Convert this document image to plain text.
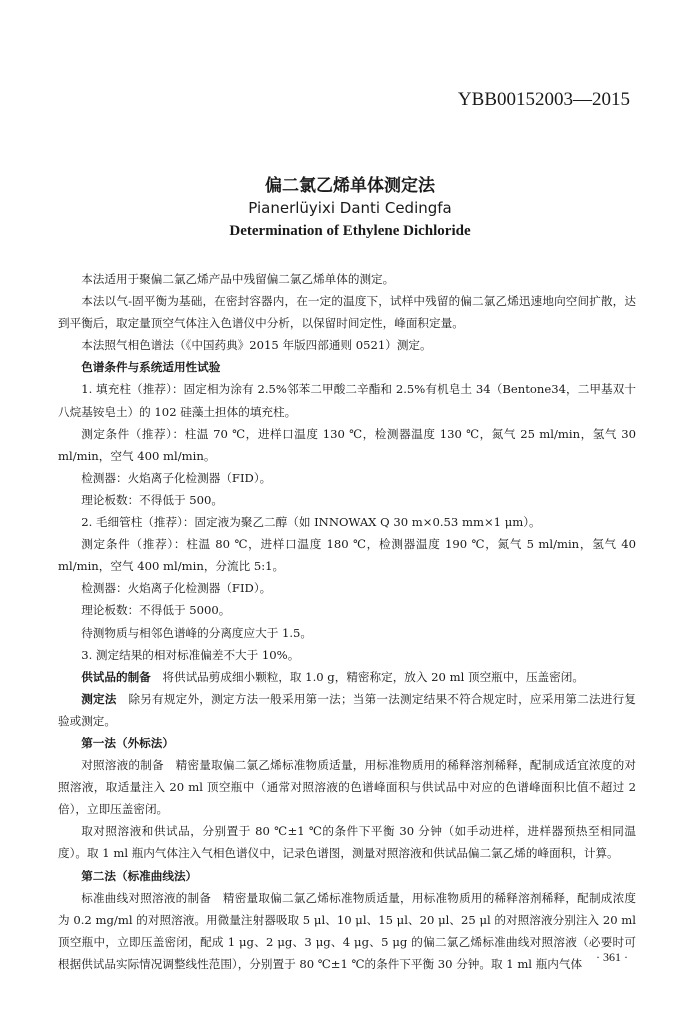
YBB00152003—2015
偏二氯乙烯单体测定法
Pianerlüyixi Danti Cedingfa
Determination of Ethylene Dichloride

本法适用于聚偏二氯乙烯产品中残留偏二氯乙烯单体的测定。

本法以气-固平衡为基础，在密封容器内，在一定的温度下，试样中残留的偏二氯乙烯迅速地向空间扩散，达到平衡后，取定量顶空气体注入色谱仪中分析，以保留时间定性，峰面积定量。

本法照气相色谱法（《中国药典》2015 年版四部通则 0521）测定。

色谱条件与系统适用性试验

1. 填充柱（推荐）：固定相为涂有 2.5%邻苯二甲酸二辛酯和 2.5%有机皂土 34（Bentone34，二甲基双十八烷基铵皂土）的 102 硅藻土担体的填充柱。

测定条件（推荐）：柱温 70 ℃，进样口温度 130 ℃，检测器温度 130 ℃，氮气 25 ml/min，氢气 30 ml/min，空气 400 ml/min。

检测器：火焰离子化检测器（FID）。

理论板数：不得低于 500。

2. 毛细管柱（推荐）：固定液为聚乙二醇（如 INNOWAX Q 30 m×0.53 mm×1 μm）。

测定条件（推荐）：柱温 80 ℃，进样口温度 180 ℃，检测器温度 190 ℃，氮气 5 ml/min，氢气 40 ml/min，空气 400 ml/min，分流比 5:1。

检测器：火焰离子化检测器（FID）。

理论板数：不得低于 5000。

待测物质与相邻色谱峰的分离度应大于 1.5。

3. 测定结果的相对标准偏差不大于 10%。

供试品的制备　 将供试品剪成细小颗粒，取 1.0 g，精密称定，放入 20 ml 顶空瓶中，压盖密闭。

测定法　 除另有规定外，测定方法一般采用第一法；当第一法测定结果不符合规定时，应采用第二法进行复验或测定。

第一法（外标法）

对照溶液的制备　精密量取偏二氯乙烯标准物质适量，用标准物质用的稀释溶剂稀释，配制成适宜浓度的对照溶液，取适量注入 20 ml 顶空瓶中（通常对照溶液的色谱峰面积与供试品中对应的色谱峰面积比值不超过 2 倍），立即压盖密闭。

取对照溶液和供试品，分别置于 80 ℃±1 ℃的条件下平衡 30 分钟（如手动进样，进样器预热至相同温度）。取 1 ml 瓶内气体注入气相色谱仪中，记录色谱图，测量对照溶液和供试品偏二氯乙烯的峰面积，计算。

第二法（标准曲线法）

标准曲线对照溶液的制备　精密量取偏二氯乙烯标准物质适量，用标准物质用的稀释溶剂稀释，配制成浓度为 0.2 mg/ml 的对照溶液。用微量注射器吸取 5 μl、10 μl、15 μl、20 μl、25 μl 的对照溶液分别注入 20 ml 顶空瓶中，立即压盖密闭，配成 1 μg、2 μg、3 μg、4 μg、5 μg 的偏二氯乙烯标准曲线对照溶液（必要时可根据供试品实际情况调整线性范围），分别置于 80 ℃±1 ℃的条件下平衡 30 分钟。取 1 ml 瓶内气体	· 361 ·
